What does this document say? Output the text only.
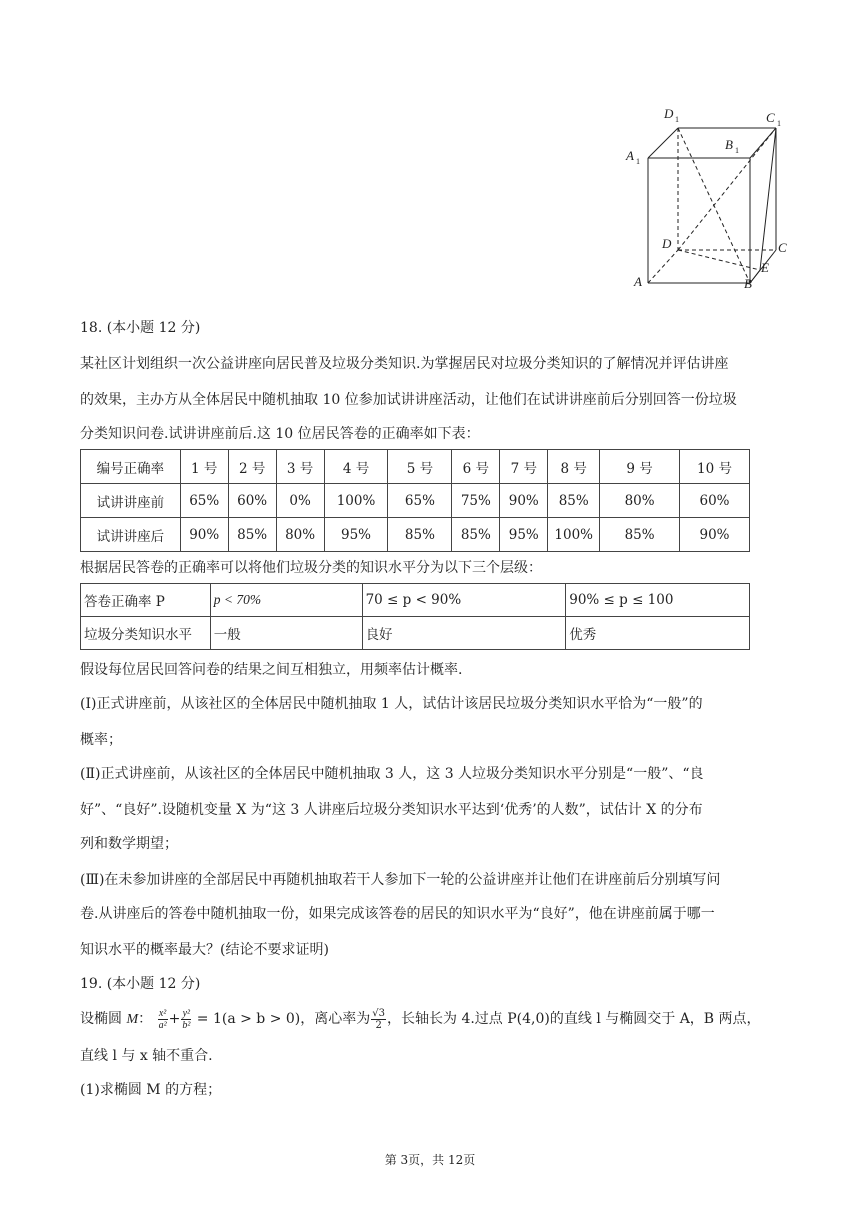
D 1	C 1
A 1
B 1
D	C
E
A	B
18. (本小题 12 分)
某社区计划组织一次公益讲座向居民普及垃圾分类知识.为掌握居民对垃圾分类知识的了解情况并评估讲座
的效果，主办方从全体居民中随机抽取 10 位参加试讲讲座活动，让他们在试讲讲座前后分别回答一份垃圾
分类知识问卷.试讲讲座前后.这 10 位居民答卷的正确率如下表：
编号正确率	1 号	2 号	3 号	4 号	5 号	6 号	7 号	8 号	9 号	10 号
试讲讲座前	65%	60%	0%	100%	65%	75%	90%	85%	80%	60%
试讲讲座后	90%	85%	80%	95%	85%	85%	95%	100%	85%	90%
根据居民答卷的正确率可以将他们垃圾分类的知识水平分为以下三个层级：
答卷正确率 P	p < 70%	70 ≤ p < 90%	90% ≤ p ≤ 100
垃圾分类知识水平	一般	良好	优秀
假设每位居民回答问卷的结果之间互相独立，用频率估计概率.
(Ⅰ)正式讲座前，从该社区的全体居民中随机抽取 1 人，试估计该居民垃圾分类知识水平恰为“一般”的
概率；
(Ⅱ)正式讲座前，从该社区的全体居民中随机抽取 3 人，这 3 人垃圾分类知识水平分别是“一般”、“良
好”、“良好”.设随机变量 X 为“这 3 人讲座后垃圾分类知识水平达到‘优秀’的人数”，试估计 X 的分布
列和数学期望；
(Ⅲ)在未参加讲座的全部居民中再随机抽取若干人参加下一轮的公益讲座并让他们在讲座前后分别填写问
卷.从讲座后的答卷中随机抽取一份，如果完成该答卷的居民的知识水平为“良好”，他在讲座前属于哪一
知识水平的概率最大？(结论不要求证明)
19. (本小题 12 分)
设椭圆 M： $\frac{\text{x²}}{\text{a²}} + \frac{\text{y²}}{\text{b²}} = 1(a > b > 0)$，离心率为 $\frac{√3}{2}$ ，长轴长为 4.过点 P(4,0)的直线 l 与椭圆交于 A，B 两点，
直线 l 与 x 轴不重合.
(1)求椭圆 M 的方程；
第 3页，共 12页
